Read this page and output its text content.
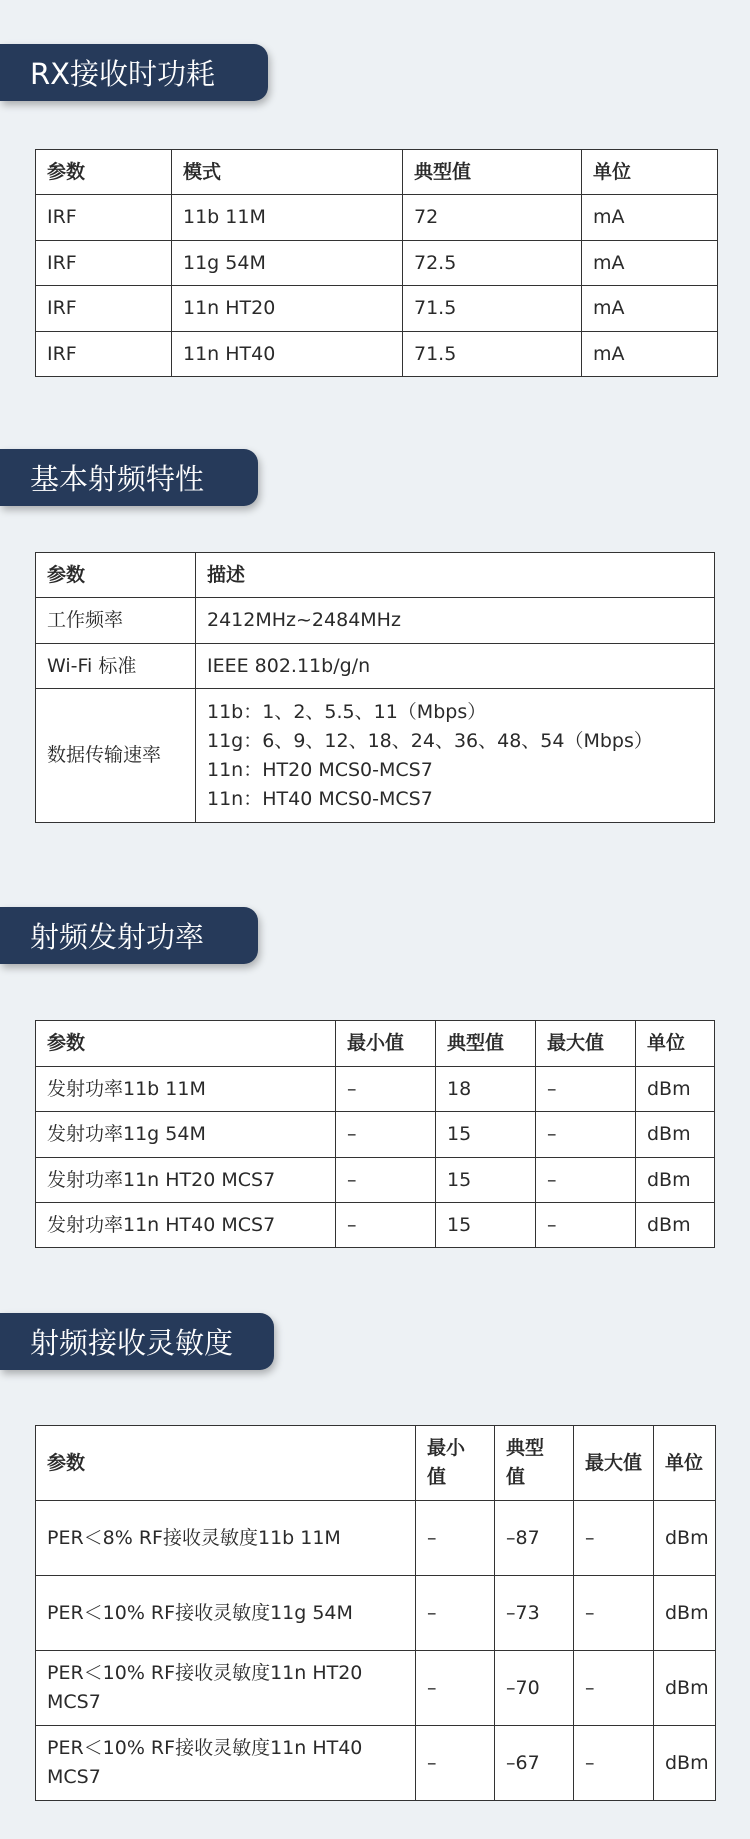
RX接收时功耗
参数	模式	典型值	单位
IRF	11b 11M	72	mA
IRF	11g 54M	72.5	mA
IRF	11n HT20	71.5	mA
IRF	11n HT40	71.5	mA
基本射频特性
参数	描述
工作频率	2412MHz~2484MHz
Wi-Fi 标准	IEEE 802.11b/g/n
数据传输速率	11b：1、2、5.5、11（Mbps）
11g：6、9、12、18、24、36、48、54（Mbps）
11n：HT20 MCS0-MCS7
11n：HT40 MCS0-MCS7
射频发射功率
参数	最小值	典型值	最大值	单位
发射功率11b 11M	–	18	–	dBm
发射功率11g 54M	–	15	–	dBm
发射功率11n HT20 MCS7	–	15	–	dBm
发射功率11n HT40 MCS7	–	15	–	dBm
射频接收灵敏度
参数	最小值	典型值	最大值	单位
PER＜8% RF接收灵敏度11b 11M	–	–87	–	dBm
PER＜10% RF接收灵敏度11g 54M	–	–73	–	dBm
PER＜10% RF接收灵敏度11n HT20 MCS7	–	–70	–	dBm
PER＜10% RF接收灵敏度11n HT40 MCS7	–	–67	–	dBm
